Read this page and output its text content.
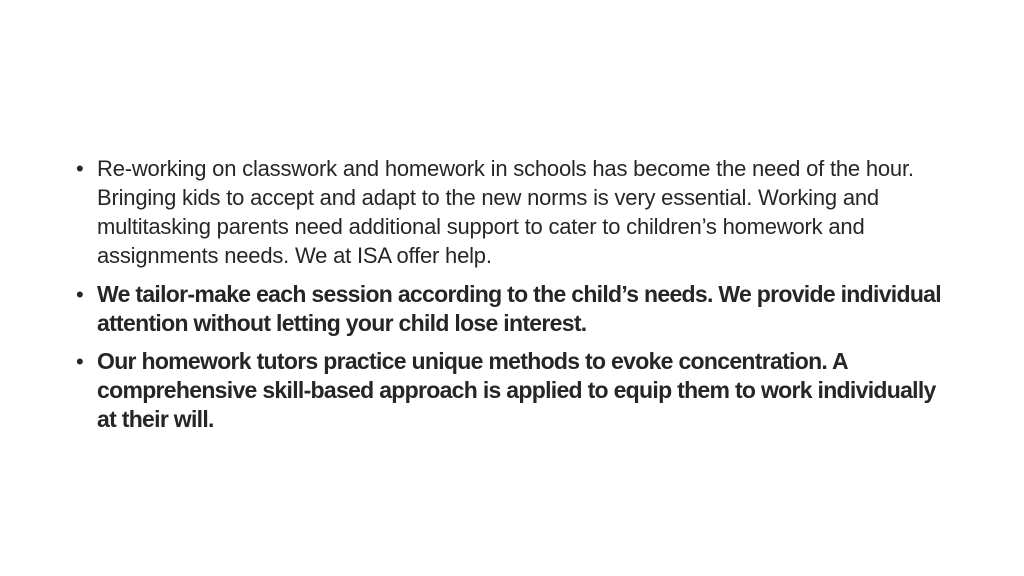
• Re-working on classwork and homework in schools has become the need of the hour. Bringing kids to accept and adapt to the new norms is very essential. Working and multitasking parents need additional support to cater to children’s homework and assignments needs. We at ISA offer help.
• We tailor-make each session according to the child’s needs. We provide individual attention without letting your child lose interest.
• Our homework tutors practice unique methods to evoke concentration. A comprehensive skill-based approach is applied to equip them to work individually at their will.
